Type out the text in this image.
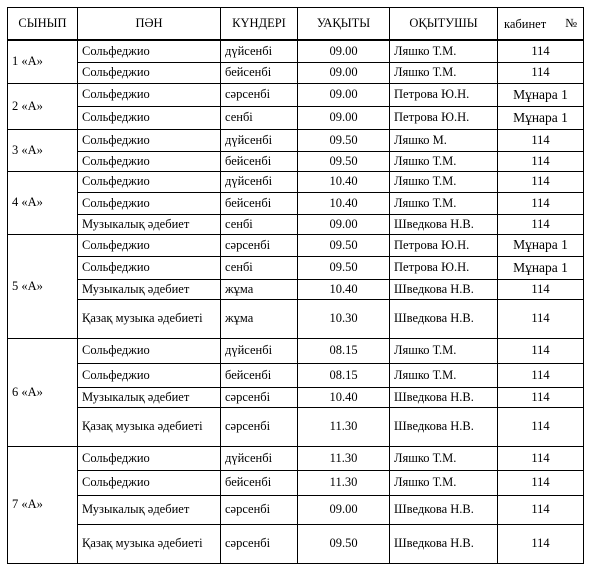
СЫНЫП	ПӘН	КҮНДЕРІ	УАҚЫТЫ	ОҚЫТУШЫ	кабинет №

1 «А»	Сольфеджио	дүйсенбі	09.00	Ляшко Т.М.	114
	Сольфеджио	бейсенбі	09.00	Ляшко Т.М.	114
2 «А»	Сольфеджио	сәрсенбі	09.00	Петрова Ю.Н.	Мұнара 1
	Сольфеджио	сенбі	09.00	Петрова Ю.Н.	Мұнара 1
3 «А»	Сольфеджио	дүйсенбі	09.50	Ляшко М.	114
	Сольфеджио	бейсенбі	09.50	Ляшко Т.М.	114
4 «А»	Сольфеджио	дүйсенбі	10.40	Ляшко Т.М.	114
	Сольфеджио	бейсенбі	10.40	Ляшко Т.М.	114
	Музыкалық әдебиет	сенбі	09.00	Шведкова Н.В.	114
5 «А»	Сольфеджио	сәрсенбі	09.50	Петрова Ю.Н.	Мұнара 1
	Сольфеджио	сенбі	09.50	Петрова Ю.Н.	Мұнара 1
	Музыкалық әдебиет	жұма	10.40	Шведкова Н.В.	114
	Қазақ музыка әдебиеті	жұма	10.30	Шведкова Н.В.	114
6 «А»	Сольфеджио	дүйсенбі	08.15	Ляшко Т.М.	114
	Сольфеджио	бейсенбі	08.15	Ляшко Т.М.	114
	Музыкалық әдебиет	сәрсенбі	10.40	Шведкова Н.В.	114
	Қазақ музыка әдебиеті	сәрсенбі	11.30	Шведкова Н.В.	114
7 «А»	Сольфеджио	дүйсенбі	11.30	Ляшко Т.М.	114
	Сольфеджио	бейсенбі	11.30	Ляшко Т.М.	114
	Музыкалық әдебиет	сәрсенбі	09.00	Шведкова Н.В.	114
	Қазақ музыка әдебиеті	сәрсенбі	09.50	Шведкова Н.В.	114
